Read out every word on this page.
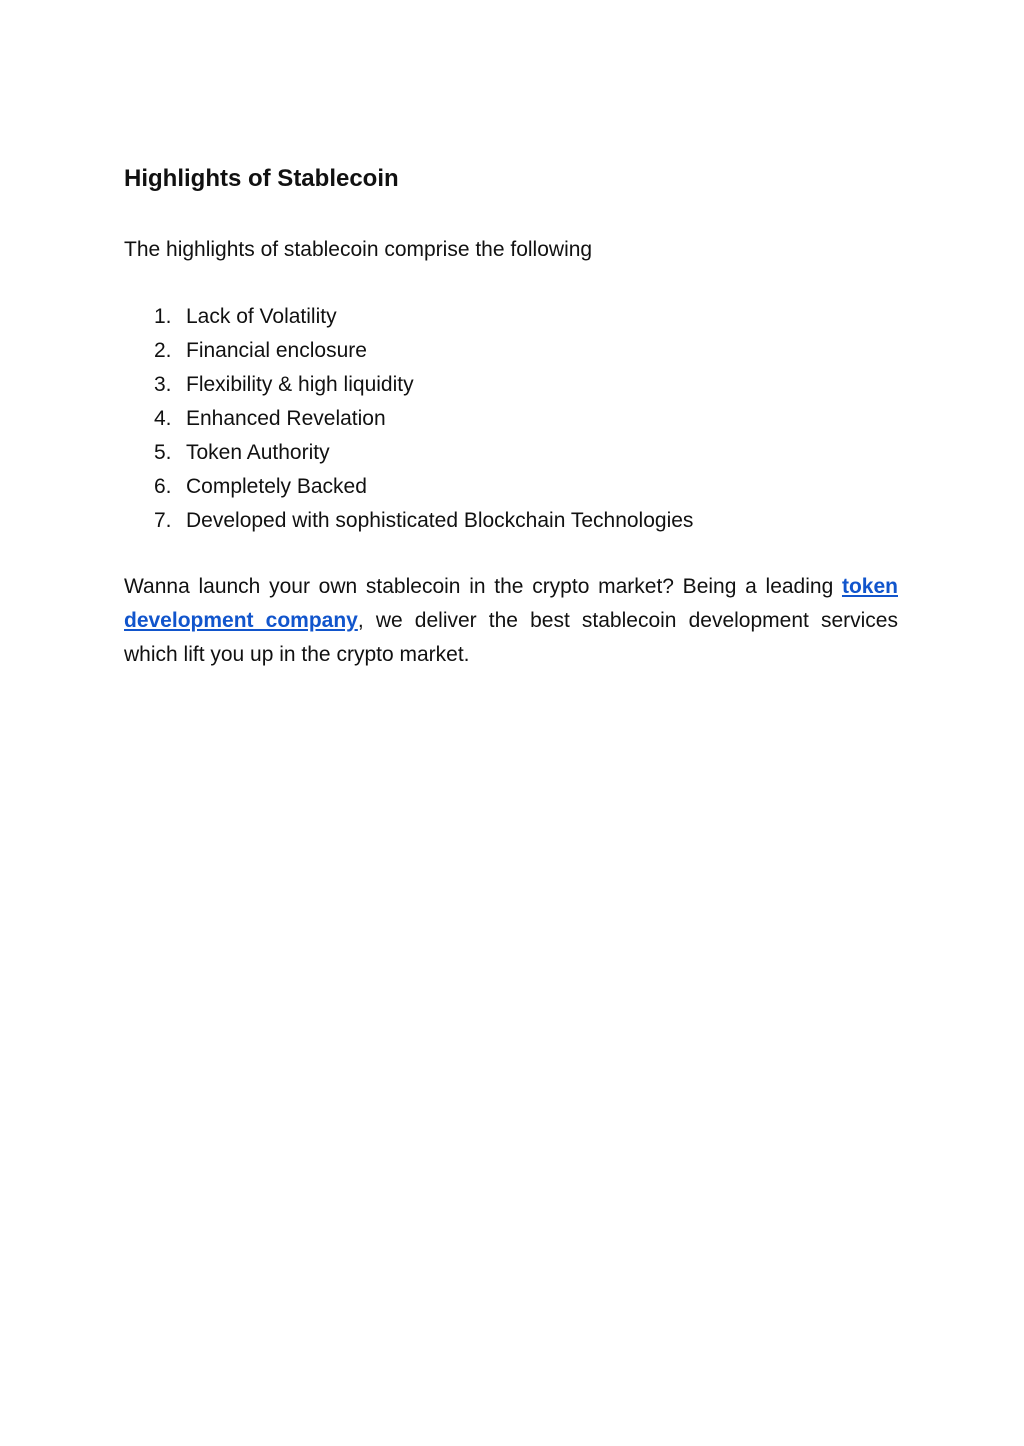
Highlights of Stablecoin

The highlights of stablecoin comprise the following

1. Lack of Volatility
2. Financial enclosure
3. Flexibility & high liquidity
4. Enhanced Revelation
5. Token Authority
6. Completely Backed
7. Developed with sophisticated Blockchain Technologies

Wanna launch your own stablecoin in the crypto market? Being a leading token development company, we deliver the best stablecoin development services which lift you up in the crypto market.
